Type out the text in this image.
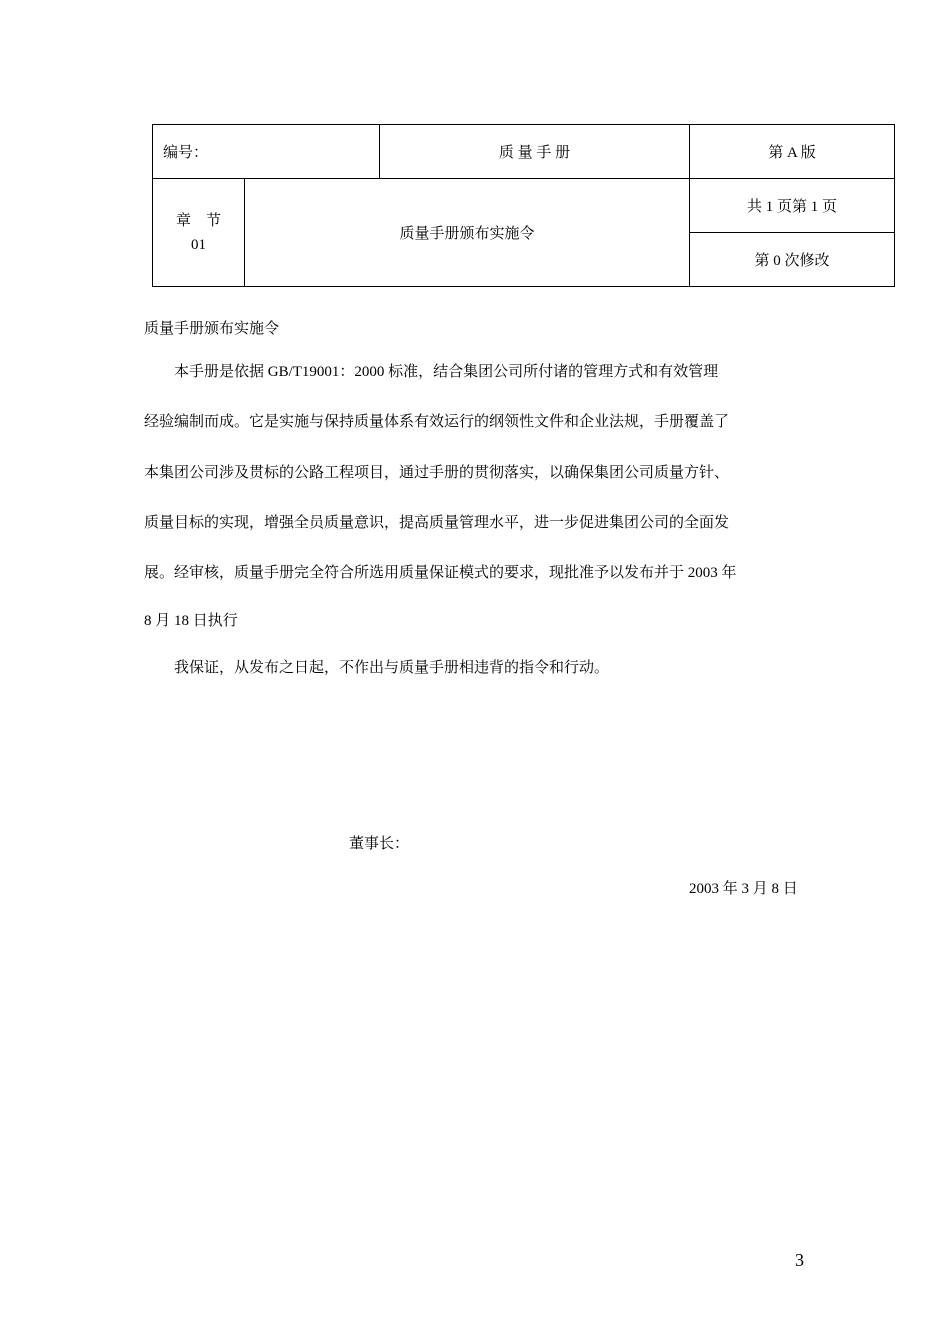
编号：		质 量 手 册	第 A 版

章    节
01	质量手册颁布实施令		共 1 页第 1 页
			第 0 次修改
质量手册颁布实施令
　　本手册是依据 GB/T19001：2000 标准，结合集团公司所付诸的管理方式和有效管理
经验编制而成。它是实施与保持质量体系有效运行的纲领性文件和企业法规，手册覆盖了
本集团公司涉及贯标的公路工程项目，通过手册的贯彻落实，以确保集团公司质量方针、
质量目标的实现，增强全员质量意识，提高质量管理水平，进一步促进集团公司的全面发
展。经审核，质量手册完全符合所选用质量保证模式的要求，现批准予以发布并于 2003 年
8 月 18 日执行
　　我保证，从发布之日起，不作出与质量手册相违背的指令和行动。
董事长：
2003 年 3 月 8 日
3
